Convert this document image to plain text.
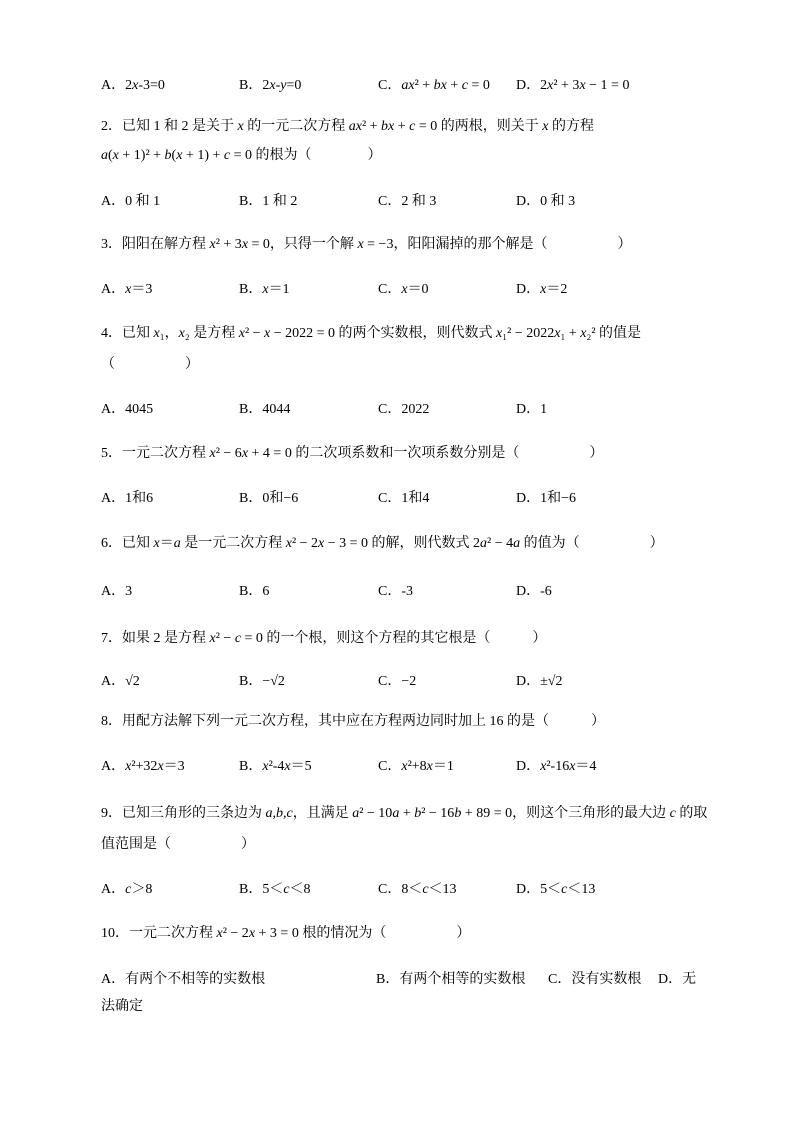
A．2x-3=0	B．2x-y=0	C．ax² + bx + c = 0 D．2x² + 3x − 1 = 0
2．已知 1 和 2 是关于 x 的一元二次方程 ax² + bx + c = 0 的两根，则关于 x 的方程
a(x + 1)² + b(x + 1) + c = 0 的根为（　　　　）
A．0 和 1	B．1 和 2	C．2 和 3	D．0 和 3
3．阳阳在解方程 x² + 3x = 0，只得一个解 x = −3，阳阳漏掉的那个解是（　　　　　）
A．x＝3	B．x＝1	C．x＝0	D．x＝2
4．已知 x₁，x₂ 是方程 x² − x − 2022 = 0 的两个实数根，则代数式 x₁² − 2022x₁ + x₂² 的值是
（　　　　　）
A．4045	B．4044	C．2022	D．1
5．一元二次方程 x² − 6x + 4 = 0 的二次项系数和一次项系数分别是（　　　　　）
A．1和6	B．0和−6	C．1和4	D．1和−6
6．已知 x＝a 是一元二次方程 x² − 2x − 3 = 0 的解，则代数式 2a² − 4a 的值为（　　　　　）
A．3	B．6	C．-3	D．-6
7．如果 2 是方程 x² − c = 0 的一个根，则这个方程的其它根是（　　　）
A．√2	B．−√2	C．−2	D．±√2
8．用配方法解下列一元二次方程，其中应在方程两边同时加上 16 的是（　　　）
A．x²+32x＝3	B．x²-4x＝5	C．x²+8x＝1	D．x²-16x＝4
9．已知三角形的三条边为 a,b,c，且满足 a² − 10a + b² − 16b + 89 = 0，则这个三角形的最大边 c 的取
值范围是（　　　　　）
A．c＞8	B．5＜c＜8	C．8＜c＜13	D．5＜c＜13
10．一元二次方程 x² − 2x + 3 = 0 根的情况为（　　　　　）
A．有两个不相等的实数根	B．有两个相等的实数根 C．没有实数根	D．无法确定
